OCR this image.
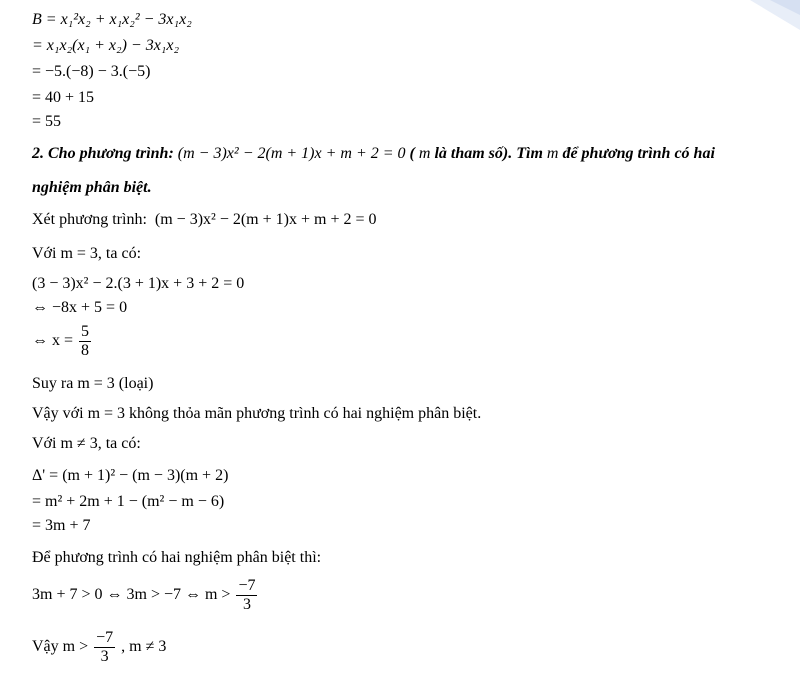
B = x₁²x₂ + x₁x₂² − 3x₁x₂
= x₁x₂(x₁ + x₂) − 3x₁x₂
= −5.(−8) − 3.(−5)
= 40 + 15
= 55
2. Cho phương trình: (m − 3)x² − 2(m + 1)x + m + 2 = 0 ( m là tham số). Tìm m để phương trình có hai
nghiệm phân biệt.
Xét phương trình: (m − 3)x² − 2(m + 1)x + m + 2 = 0
Với m = 3, ta có:
(3 − 3)x² − 2.(3 + 1)x + 3 + 2 = 0
⇔ −8x + 5 = 0
⇔ $x = \frac{5}{8}$
Suy ra m = 3 (loại)
Vậy với m = 3 không thỏa mãn phương trình có hai nghiệm phân biệt.
Với m ≠ 3, ta có:
Δ' = (m + 1)² − (m − 3)(m + 2)
= m² + 2m + 1 − (m² − m − 6)
= 3m + 7
Để phương trình có hai nghiệm phân biệt thì:
3m + 7 > 0 ⇔ 3m > −7 ⇔ $m > \frac{-7}{3}$
Vậy $m > \frac{-7}{3}$ , m ≠ 3
